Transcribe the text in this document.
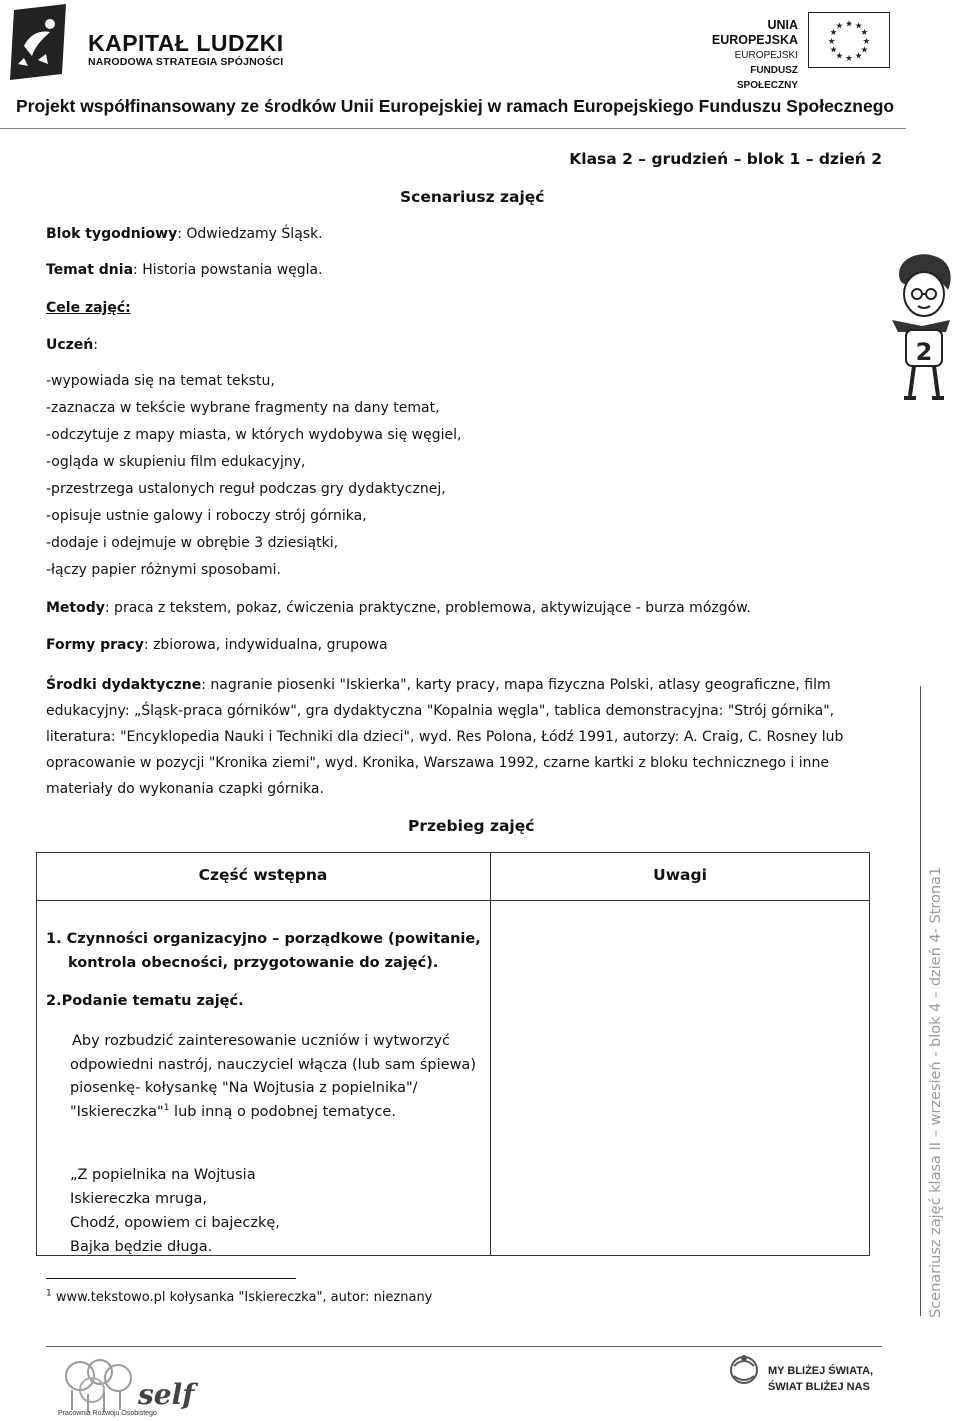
KAPITAŁ LUDZKI
NARODOWA STRATEGIA SPÓJNOŚCI
UNIA EUROPEJSKA
EUROPEJSKI
FUNDUSZ SPOŁECZNY
★ ★
★
★
★
★
★
★
★
★
★
★
Projekt współfinansowany ze środków Unii Europejskiej w ramach Europejskiego Funduszu Społecznego
Klasa 2 – grudzień – blok 1 – dzień 2
Scenariusz zajęć
Blok tygodniowy: Odwiedzamy Śląsk.
Temat dnia: Historia powstania węgla.
Cele zajęć:
Uczeń:	2
-wypowiada się na temat tekstu,
-zaznacza w tekście wybrane fragmenty na dany temat,
-odczytuje z mapy miasta, w których wydobywa się węgiel,
-ogląda w skupieniu film edukacyjny,
-przestrzega ustalonych reguł podczas gry dydaktycznej,
-opisuje ustnie galowy i roboczy strój górnika,
-dodaje i odejmuje w obrębie 3 dziesiątki,
-łączy papier różnymi sposobami.
Metody: praca z tekstem, pokaz, ćwiczenia praktyczne, problemowa, aktywizujące - burza mózgów.
Formy pracy: zbiorowa, indywidualna, grupowa
Środki dydaktyczne: nagranie piosenki "Iskierka", karty pracy, mapa fizyczna Polski, atlasy geograficzne, film edukacyjny: „Śląsk-praca górników", gra dydaktyczna "Kopalnia węgla", tablica demonstracyjna: "Strój górnika", literatura: "Encyklopedia Nauki i Techniki dla dzieci", wyd. Res Polona, Łódź 1991, autorzy: A. Craig, C. Rosney lub opracowanie w pozycji "Kronika ziemi", wyd. Kronika, Warszawa 1992, czarne kartki z bloku technicznego i inne materiały do wykonania czapki górnika.
Przebieg zajęć
Część wstępna	Uwagi
1. Czynności organizacyjno – porządkowe (powitanie,
kontrola obecności, przygotowanie do zajęć).
2.Podanie tematu zajęć.
Aby rozbudzić zainteresowanie uczniów i wytworzyć odpowiedni nastrój, nauczyciel włącza (lub sam śpiewa) piosenkę- kołysankę "Na Wojtusia z popielnika"/ "Iskiereczka"$^1$ lub inną o podobnej tematyce.
„Z popielnika na Wojtusia
Iskiereczka mruga,
Chodź, opowiem ci bajeczkę,
Bajka będzie długa.
$^1$ www.tekstowo.pl kołysanka "Iskiereczka", autor: nieznany	Scenariusz zajęć klasa II – wrzesień - blok 4 – dzień 4- Strona1
self
Pracownia Rozwoju Osobistego
MY BLIŻEJ ŚWIATA,
ŚWIAT BLIŻEJ NAS
